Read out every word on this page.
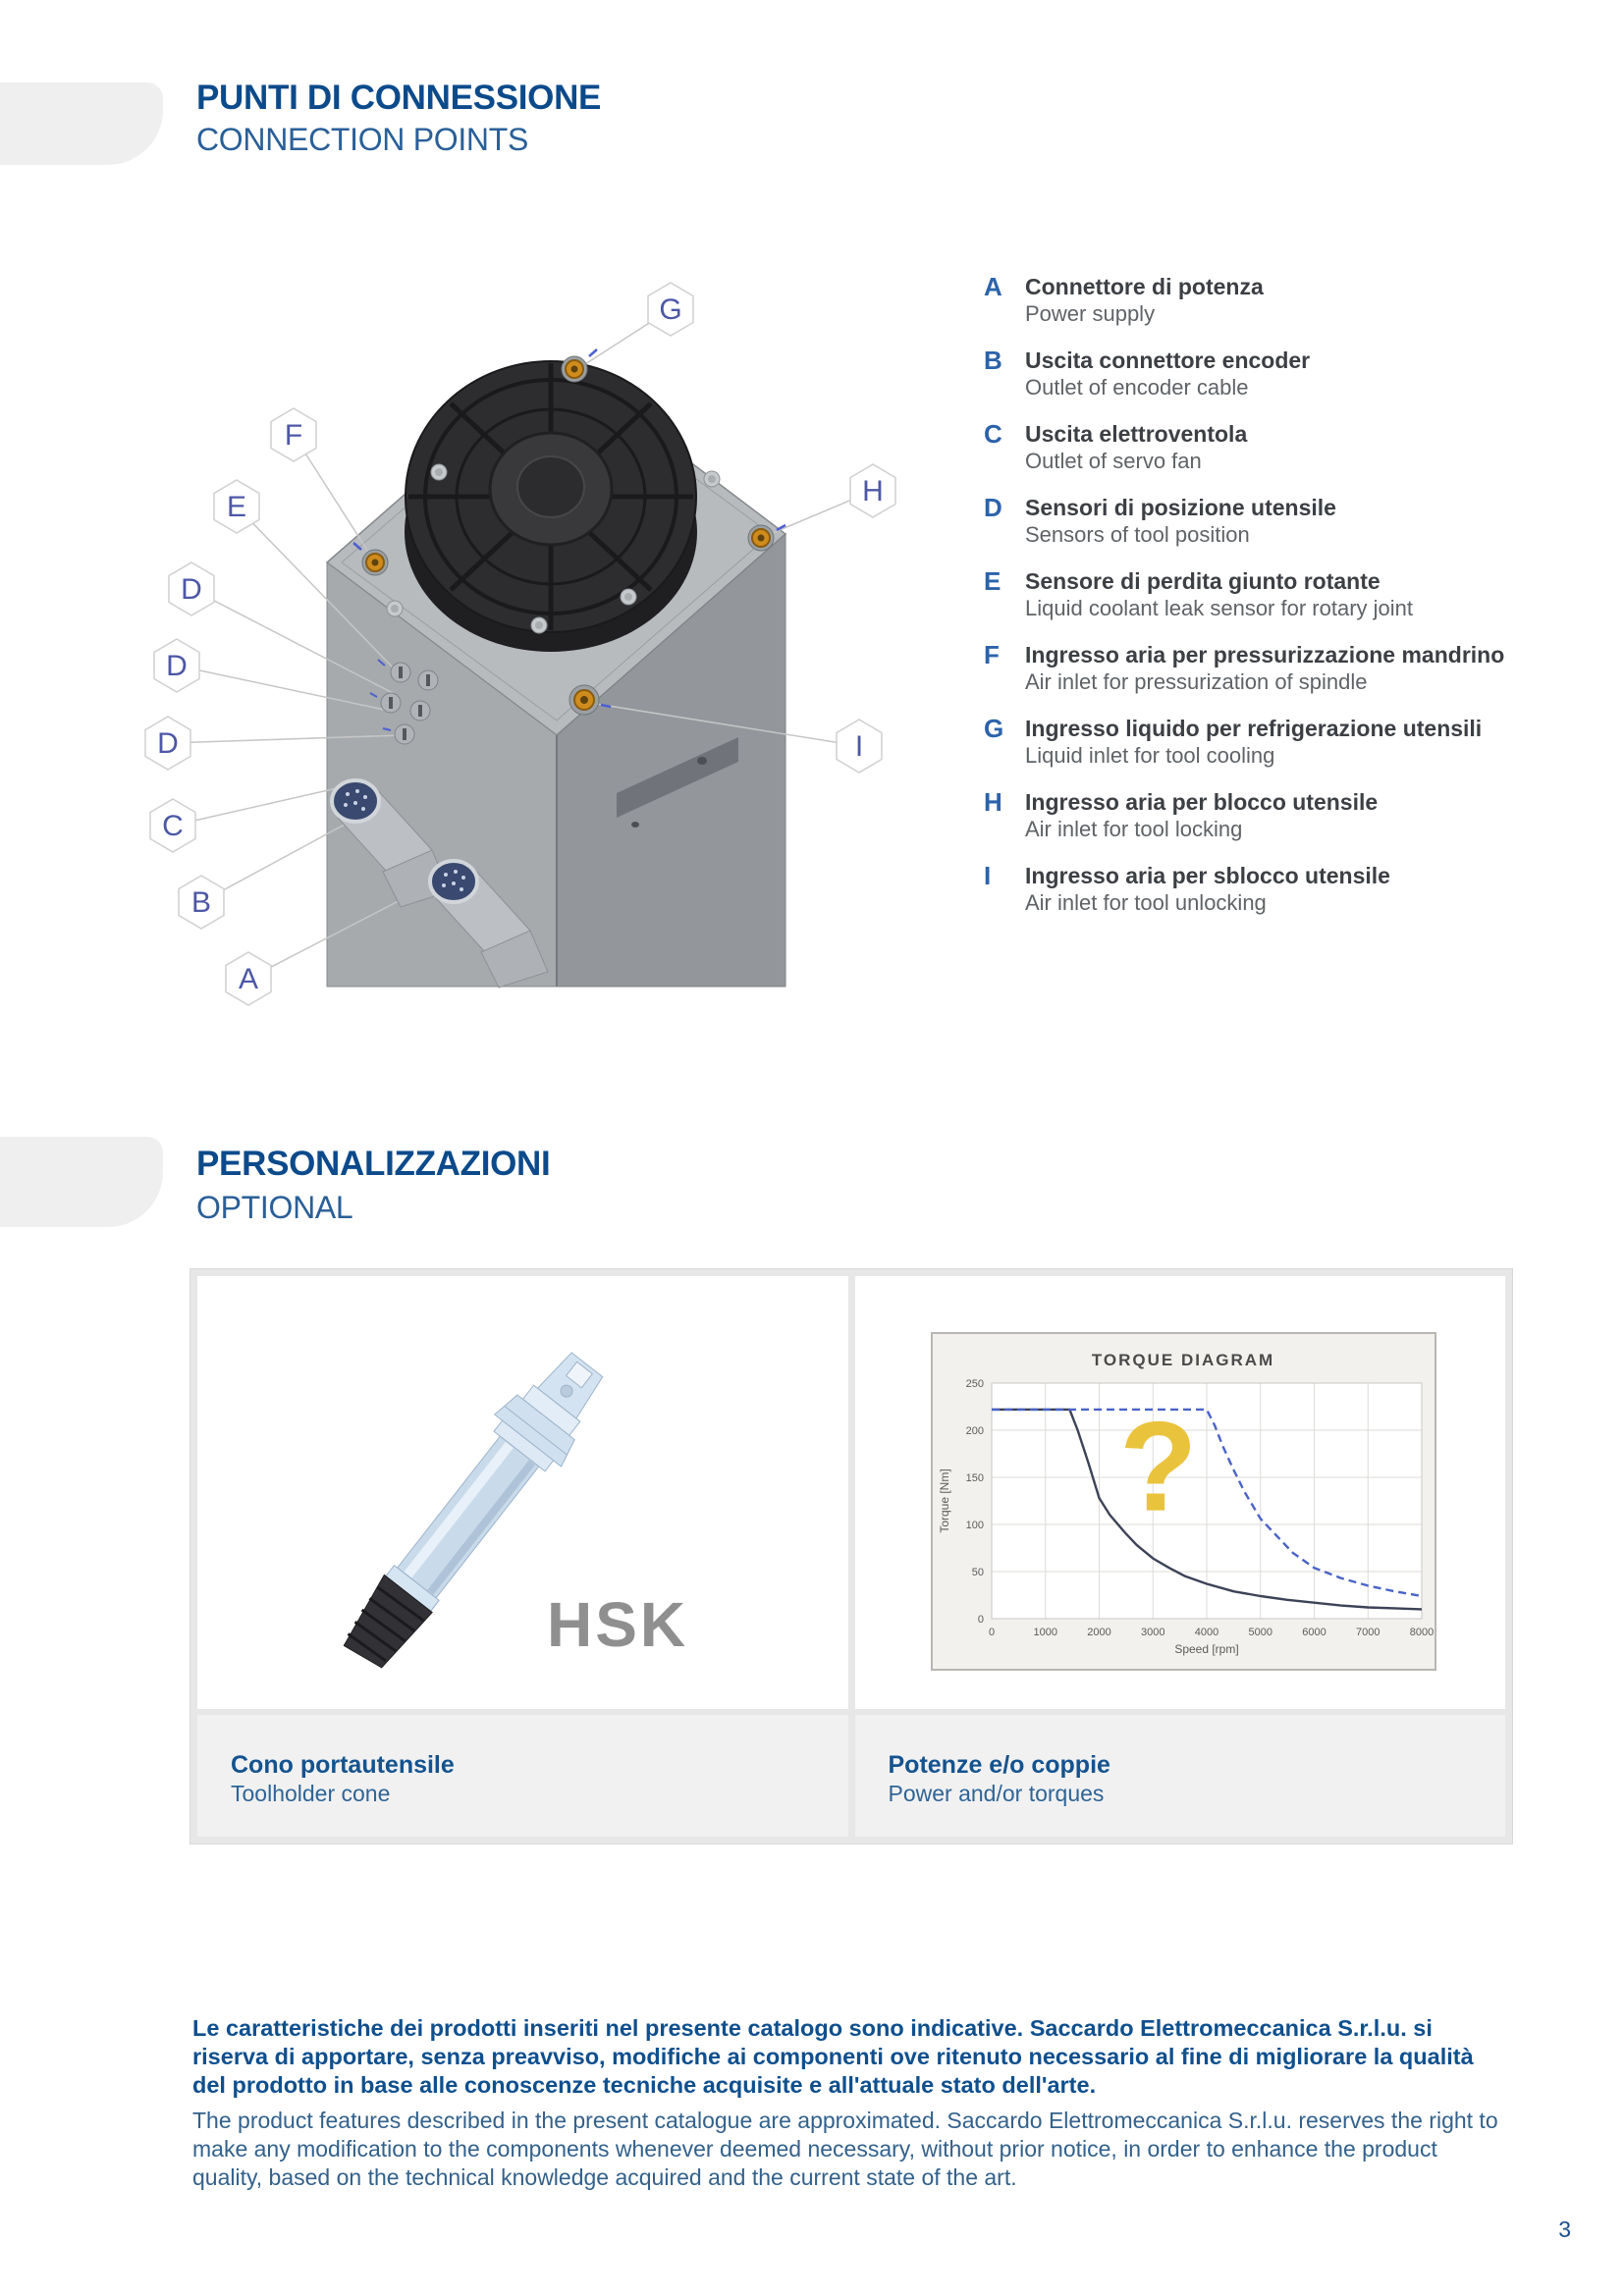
PUNTI DI CONNESSIONE
CONNECTION POINTS
G
F
E
D
D
D
C
B
A
H
I
A	Connettore di potenza
Power supply
B	Uscita connettore encoder
Outlet of encoder cable
C	Uscita elettroventola
Outlet of servo fan
D	Sensori di posizione utensile
Sensors of tool position
E	Sensore di perdita giunto rotante
Liquid coolant leak sensor for rotary joint
F	Ingresso aria per pressurizzazione mandrino
Air inlet for pressurization of spindle
G Ingresso liquido per refrigerazione utensili
Liquid inlet for tool cooling
H	Ingresso aria per blocco utensile
Air inlet for tool locking
I	Ingresso aria per sblocco utensile
Air inlet for tool unlocking
PERSONALIZZAZIONI
OPTIONAL
HSK
Cono portautensile
Toolholder cone
0	1000	2000	3000	4000	5000	6000	7000	8000
0
50
100
150
200
250
?
TORQUE DIAGRAM
Speed [rpm]
Torque [Nm]
Potenze e/o coppie
Power and/or torques

Le caratteristiche dei prodotti inseriti nel presente catalogo sono indicative. Saccardo Elettromeccanica S.r.l.u. si riserva di apportare, senza preavviso, modifiche ai componenti ove ritenuto necessario al fine di migliorare la qualità del prodotto in base alle conoscenze tecniche acquisite e all'attuale stato dell'arte.

The product features described in the present catalogue are approximated. Saccardo Elettromeccanica S.r.l.u. reserves the right to make any modification to the components whenever deemed necessary, without prior notice, in order to enhance the product quality, based on the technical knowledge acquired and the current state of the art.

3
